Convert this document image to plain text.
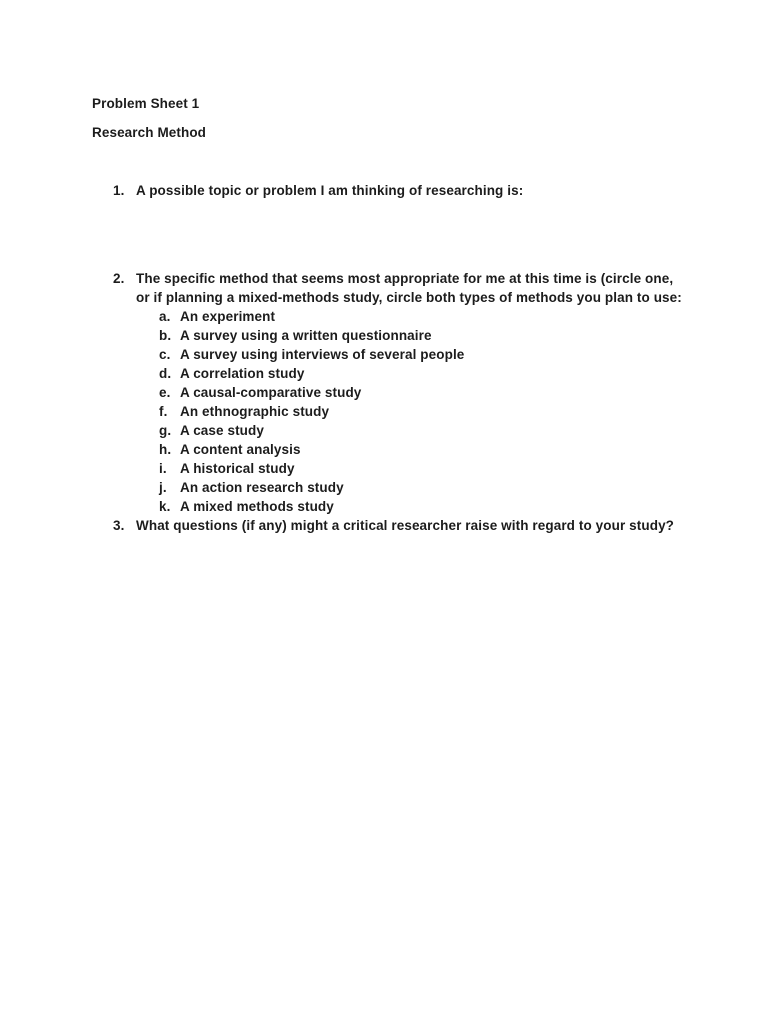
Problem Sheet 1
Research Method
1. A possible topic or problem I am thinking of researching is:
2. The specific method that seems most appropriate for me at this time is (circle one, or if planning a mixed-methods study, circle both types of methods you plan to use:
a. An experiment
b. A survey using a written questionnaire
c. A survey using interviews of several people
d. A correlation study
e. A causal-comparative study
f. An ethnographic study
g. A case study
h. A content analysis
i. A historical study
j. An action research study
k. A mixed methods study
3. What questions (if any) might a critical researcher raise with regard to your study?
